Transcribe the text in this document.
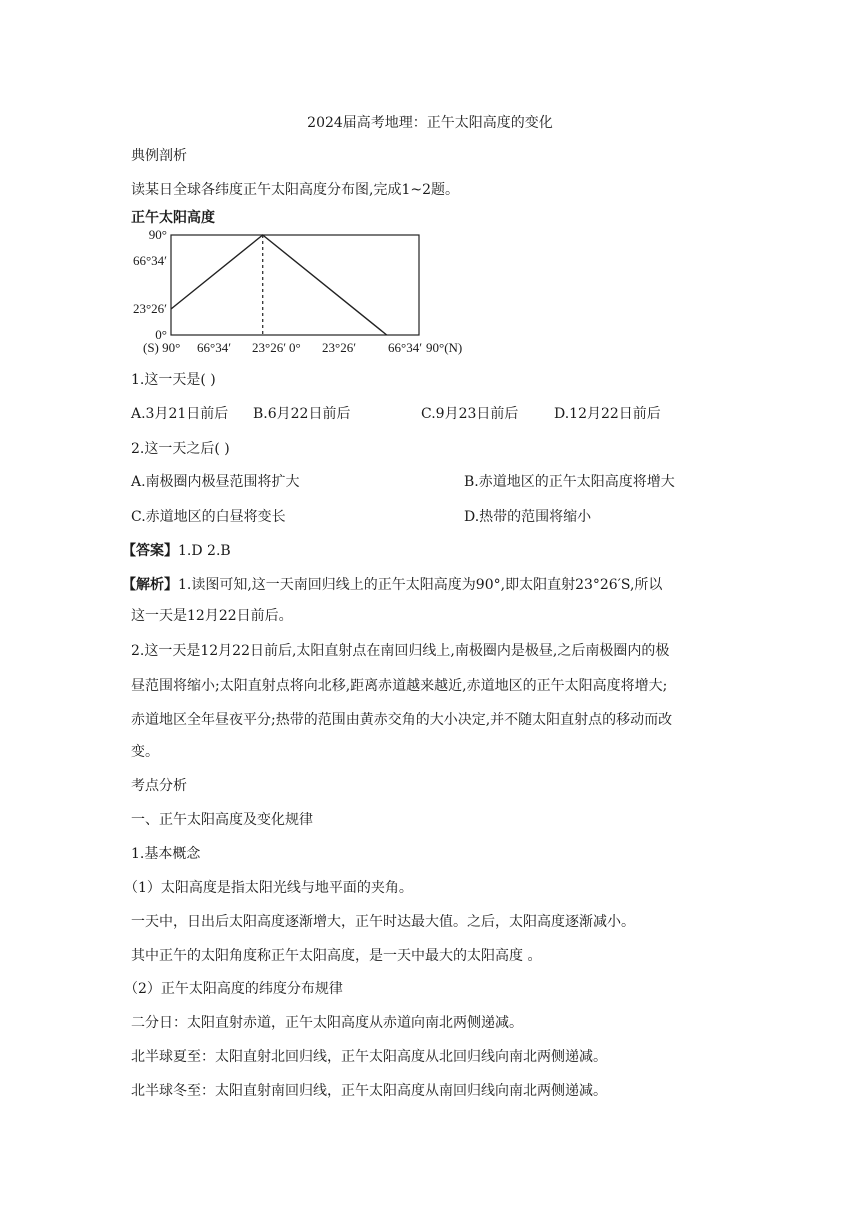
2024届高考地理：正午太阳高度的变化
典例剖析
读某日全球各纬度正午太阳高度分布图,完成1~2题。
正午太阳高度
90°
66°34′
23°26′
0°
(S) 90° 66°34′ 23°26′ 0° 23°26′ 66°34′ 90°(N)
1.这一天是( )
A.3月21日前后 B.6月22日前后	C.9月23日前后	D.12月22日前后
2.这一天之后( )
A.南极圈内极昼范围将扩大	B.赤道地区的正午太阳高度将增大
C.赤道地区的白昼将变长	D.热带的范围将缩小
【答案】1.D 2.B
【解析】1.读图可知,这一天南回归线上的正午太阳高度为90°,即太阳直射23°26′S,所以
这一天是12月22日前后。
2.这一天是12月22日前后,太阳直射点在南回归线上,南极圈内是极昼,之后南极圈内的极
昼范围将缩小;太阳直射点将向北移,距离赤道越来越近,赤道地区的正午太阳高度将增大;
赤道地区全年昼夜平分;热带的范围由黄赤交角的大小决定,并不随太阳直射点的移动而改
变。
考点分析
一、正午太阳高度及变化规律
1.基本概念
（1）太阳高度是指太阳光线与地平面的夹角。
一天中，日出后太阳高度逐渐增大，正午时达最大值。之后，太阳高度逐渐减小。
其中正午的太阳角度称正午太阳高度，是一天中最大的太阳高度 。
（2）正午太阳高度的纬度分布规律
二分日：太阳直射赤道，正午太阳高度从赤道向南北两侧递减。
北半球夏至：太阳直射北回归线，正午太阳高度从北回归线向南北两侧递减。
北半球冬至：太阳直射南回归线，正午太阳高度从南回归线向南北两侧递减。
